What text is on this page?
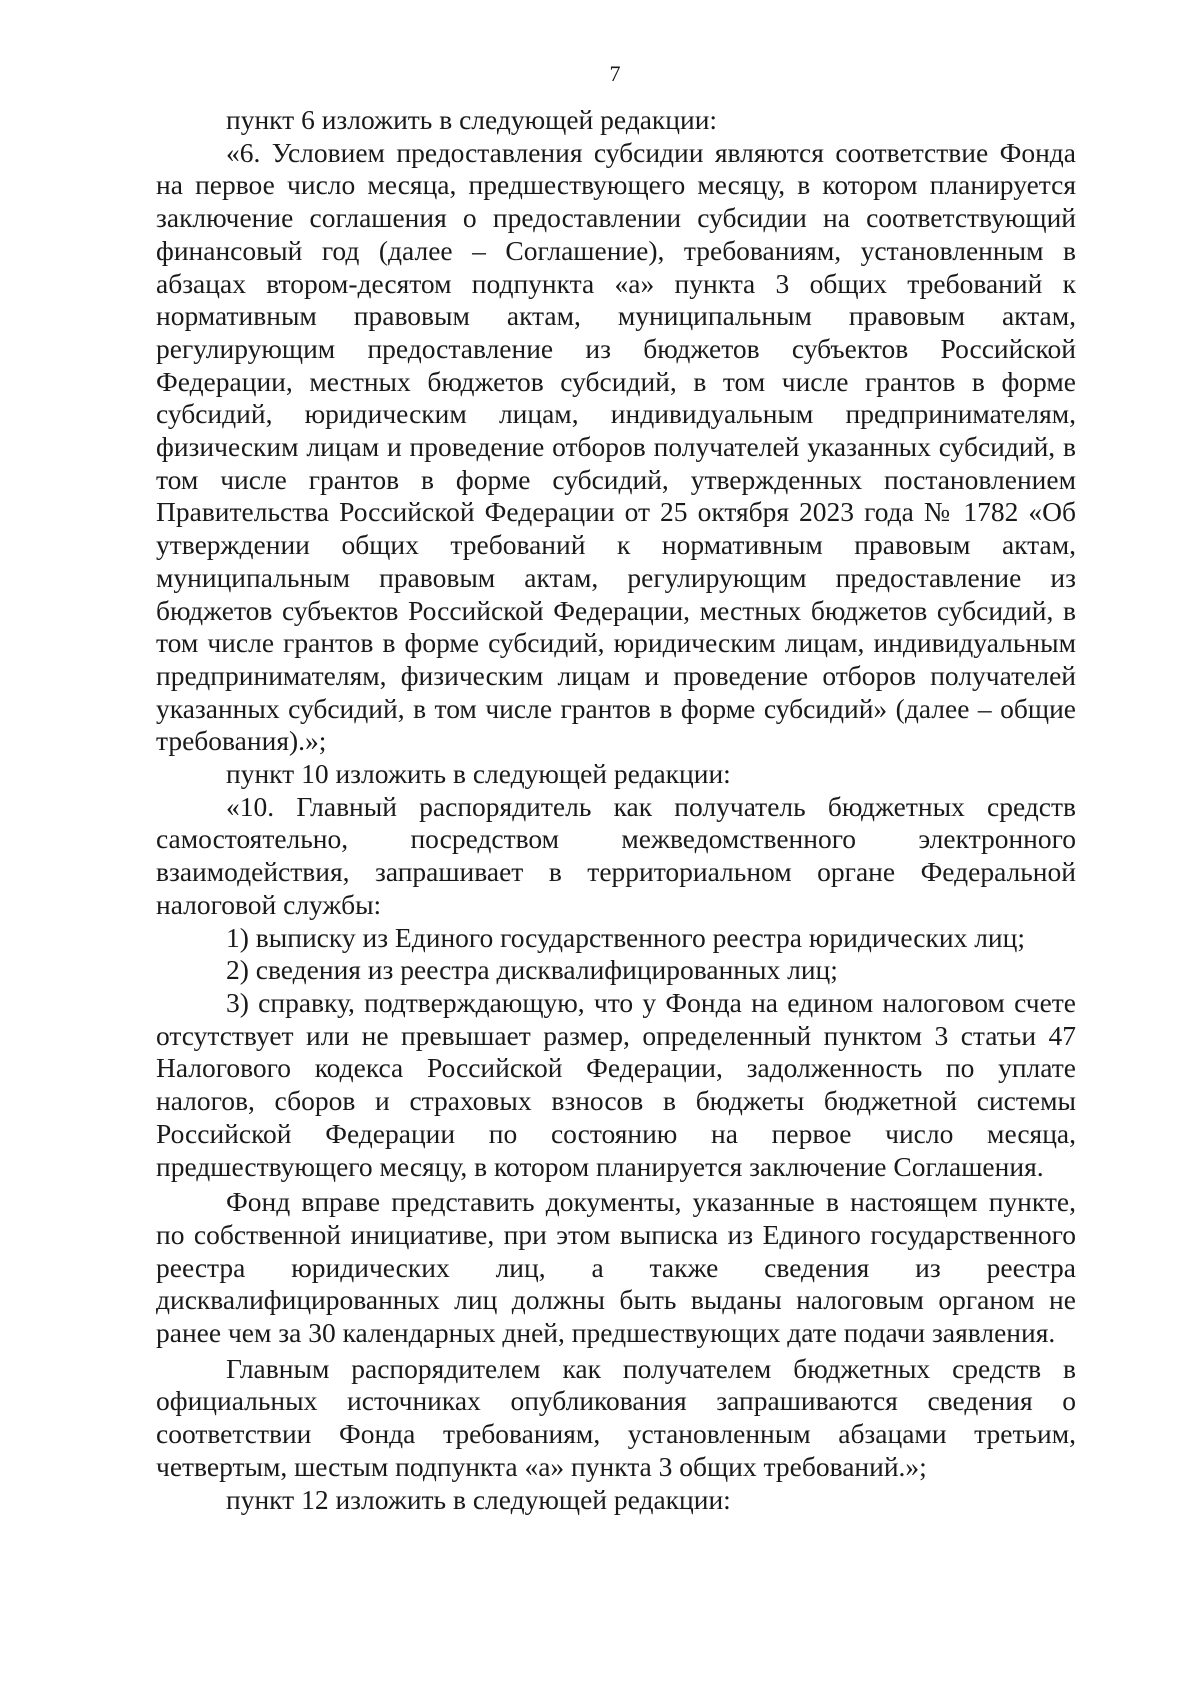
7

пункт 6 изложить в следующей редакции:

«6. Условием предоставления субсидии являются соответствие Фонда на первое число месяца, предшествующего месяцу, в котором планируется заключение соглашения о предоставлении субсидии на соответствующий финансовый год (далее – Соглашение), требованиям, установленным в абзацах втором-десятом подпункта «а» пункта 3 общих требований к нормативным правовым актам, муниципальным правовым актам, регулирующим предоставление из бюджетов субъектов Российской Федерации, местных бюджетов субсидий, в том числе грантов в форме субсидий, юридическим лицам, индивидуальным предпринимателям, физическим лицам и проведение отборов получателей указанных субсидий, в том числе грантов в форме субсидий, утвержденных постановлением Правительства Российской Федерации от 25 октября 2023 года № 1782 «Об утверждении общих требований к нормативным правовым актам, муниципальным правовым актам, регулирующим предоставление из бюджетов субъектов Российской Федерации, местных бюджетов субсидий, в том числе грантов в форме субсидий, юридическим лицам, индивидуальным предпринимателям, физическим лицам и проведение отборов получателей указанных субсидий, в том числе грантов в форме субсидий» (далее – общие требования).»;

пункт 10 изложить в следующей редакции:

«10. Главный распорядитель как получатель бюджетных средств самостоятельно, посредством межведомственного электронного взаимодействия, запрашивает в территориальном органе Федеральной налоговой службы:

1) выписку из Единого государственного реестра юридических лиц;

2) сведения из реестра дисквалифицированных лиц;

3) справку, подтверждающую, что у Фонда на едином налоговом счете отсутствует или не превышает размер, определенный пунктом 3 статьи 47 Налогового кодекса Российской Федерации, задолженность по уплате налогов, сборов и страховых взносов в бюджеты бюджетной системы Российской Федерации по состоянию на первое число месяца, предшествующего месяцу, в котором планируется заключение Соглашения.

Фонд вправе представить документы, указанные в настоящем пункте, по собственной инициативе, при этом выписка из Единого государственного реестра юридических лиц, а также сведения из реестра дисквалифицированных лиц должны быть выданы налоговым органом не ранее чем за 30 календарных дней, предшествующих дате подачи заявления.

Главным распорядителем как получателем бюджетных средств в официальных источниках опубликования запрашиваются сведения о соответствии Фонда требованиям, установленным абзацами третьим, четвертым, шестым подпункта «а» пункта 3 общих требований.»;

пункт 12 изложить в следующей редакции:
